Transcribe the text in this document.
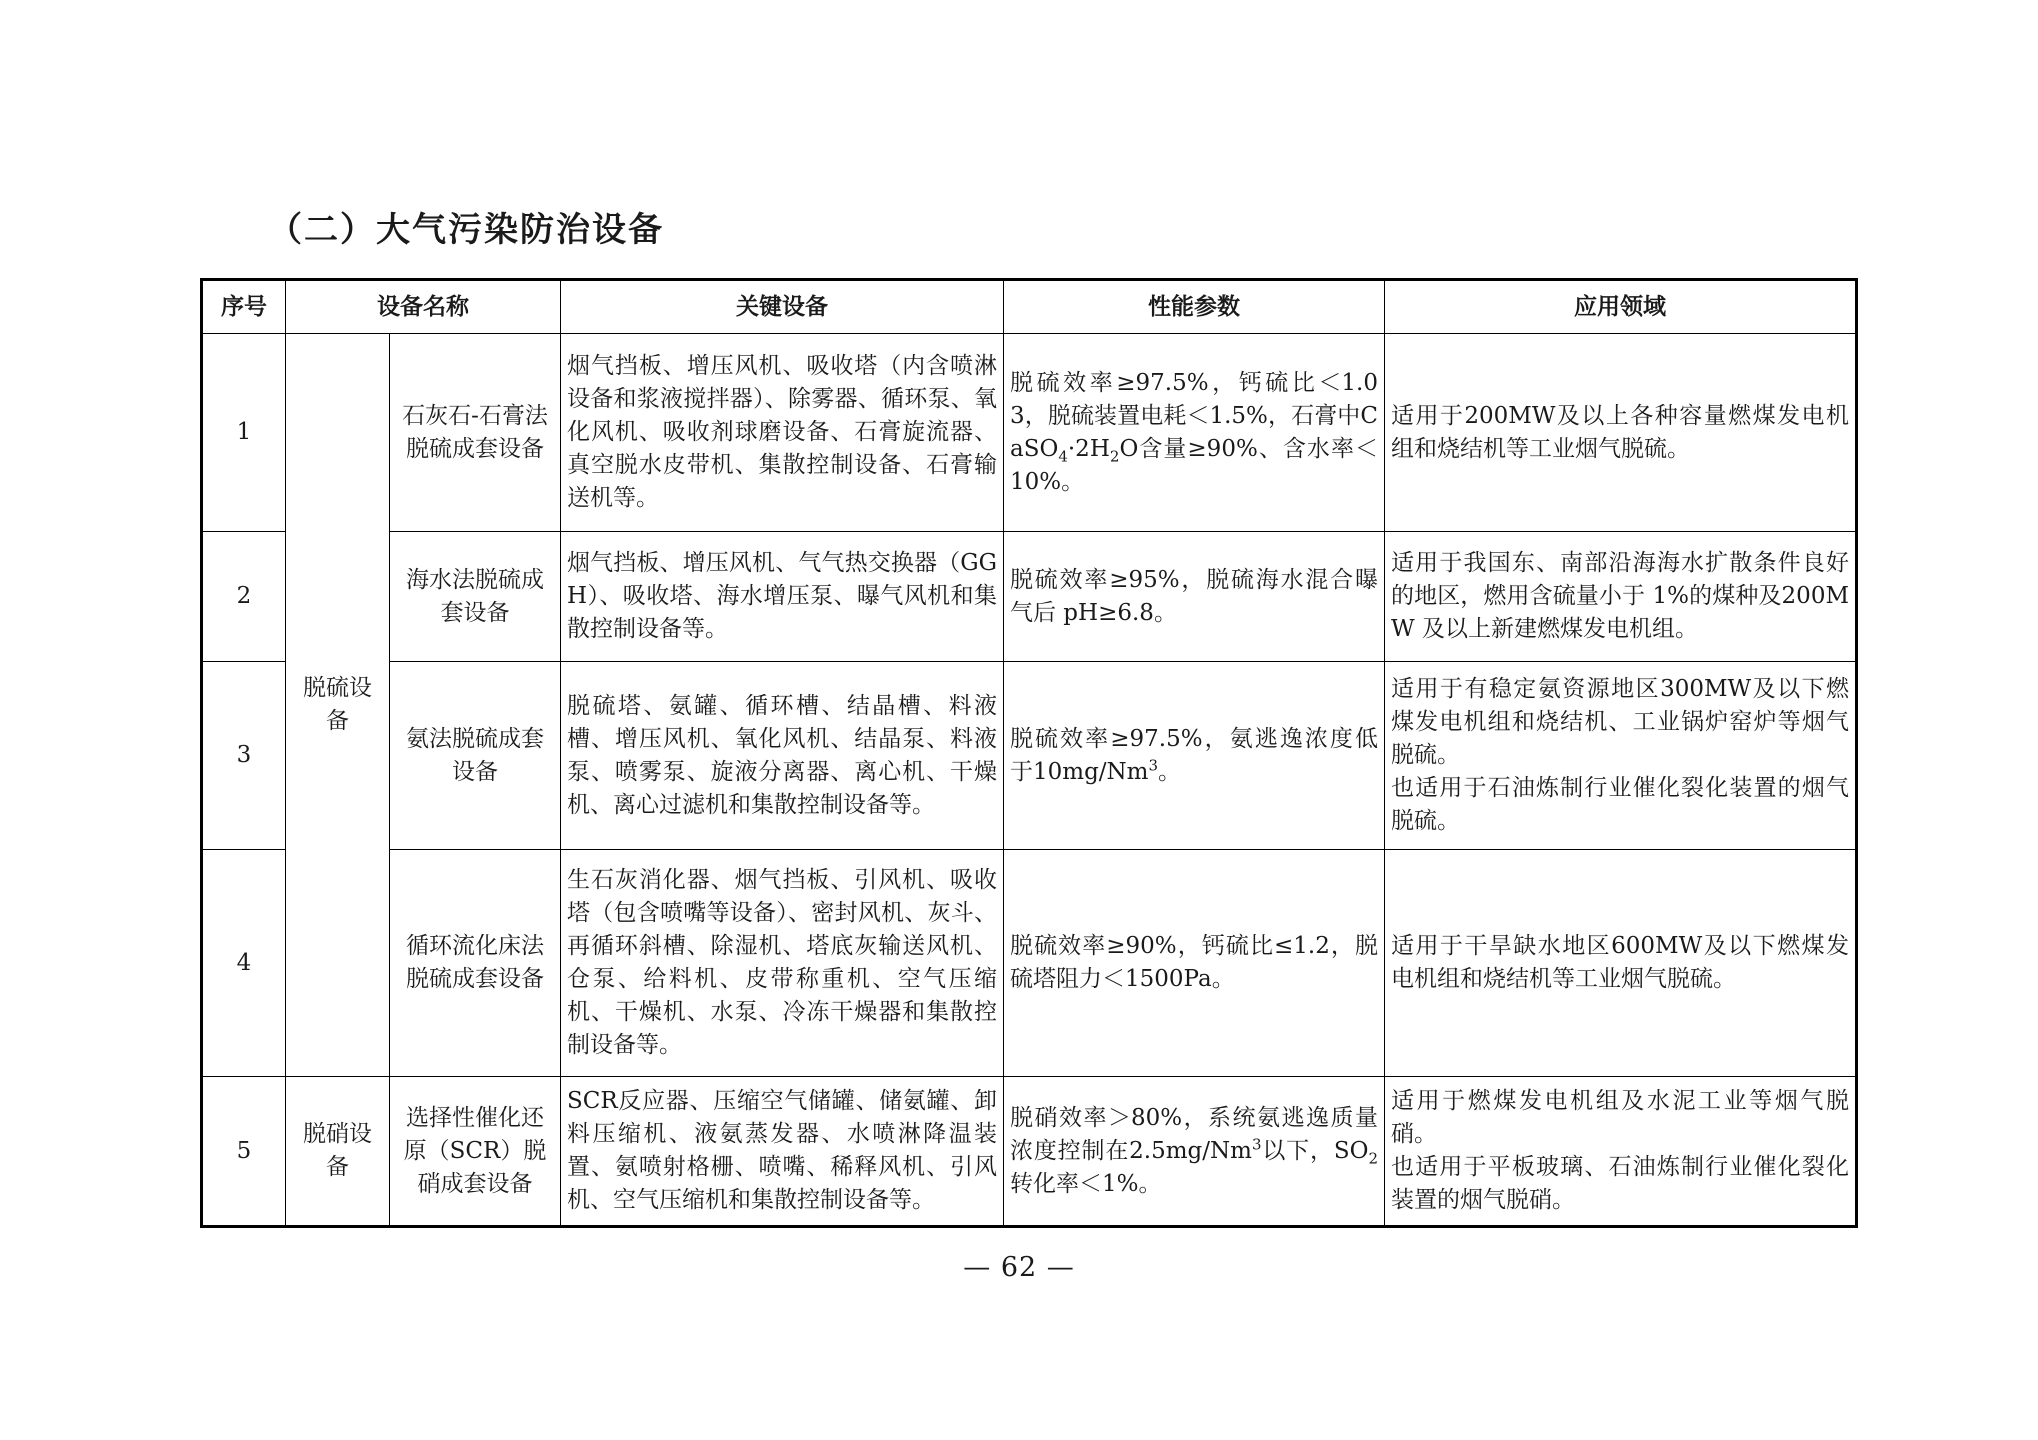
（二）大气污染防治设备
序号	设备名称		关键设备	性能参数	应用领域
1	脱硫设备	石灰石-石膏法脱硫成套设备	烟气挡板、增压风机、吸收塔（内含喷淋设备和浆液搅拌器）、除雾器、循环泵、氧化风机、吸收剂球磨设备、石膏旋流器、真空脱水皮带机、集散控制设备、石膏输送机等。	脱硫效率≥97.5%，钙硫比＜1.03，脱硫装置电耗＜1.5%，石膏中$CaSO_4\cdot 2H_2O$含量≥90%、含水率＜10%。	适用于200MW及以上各种容量燃煤发电机组和烧结机等工业烟气脱硫。
2		海水法脱硫成套设备	烟气挡板、增压风机、气气热交换器（GGH）、吸收塔、海水增压泵、曝气风机和集散控制设备等。	脱硫效率≥95%，脱硫海水混合曝气后 pH≥6.8。	适用于我国东、南部沿海海水扩散条件良好的地区，燃用含硫量小于 1%的煤种及200MW 及以上新建燃煤发电机组。
3		氨法脱硫成套设备	脱硫塔、氨罐、循环槽、结晶槽、料液槽、增压风机、氧化风机、结晶泵、料液泵、喷雾泵、旋液分离器、离心机、干燥机、离心过滤机和集散控制设备等。	脱硫效率≥97.5%，氨逃逸浓度低于10mg/Nm$^3$。	适用于有稳定氨资源地区300MW及以下燃煤发电机组和烧结机、工业锅炉窑炉等烟气脱硫。
也适用于石油炼制行业催化裂化装置的烟气脱硫。

4		循环流化床法脱硫成套设备	生石灰消化器、烟气挡板、引风机、吸收塔（包含喷嘴等设备）、密封风机、灰斗、再循环斜槽、除湿机、塔底灰输送风机、仓泵、给料机、皮带称重机、空气压缩机、干燥机、水泵、冷冻干燥器和集散控制设备等。	脱硫效率≥90%，钙硫比≤1.2，脱硫塔阻力＜1500Pa。	适用于干旱缺水地区600MW及以下燃煤发电机组和烧结机等工业烟气脱硫。
5	脱硝设备	选择性催化还原（SCR）脱硝成套设备	SCR反应器、压缩空气储罐、储氨罐、卸料压缩机、液氨蒸发器、水喷淋降温装置、氨喷射格栅、喷嘴、稀释风机、引风机、空气压缩机和集散控制设备等。	脱硝效率＞80%，系统氨逃逸质量浓度控制在2.5mg/Nm$^3$以下，$SO_2$转化率＜1%。	适用于燃煤发电机组及水泥工业等烟气脱硝。
也适用于平板玻璃、石油炼制行业催化裂化装置的烟气脱硝。
— 62 —
